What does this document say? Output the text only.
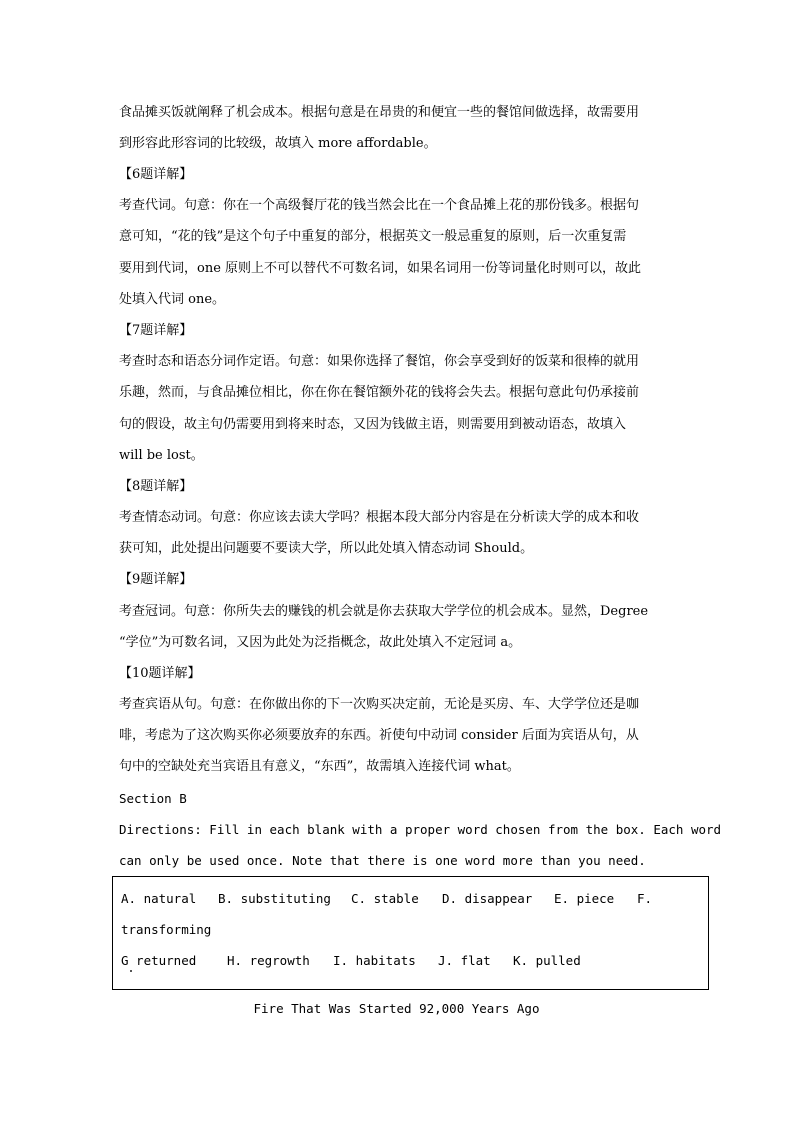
食品摊买饭就阐释了机会成本。根据句意是在昂贵的和便宜一些的餐馆间做选择，故需要用
到形容此形容词的比较级，故填入 more affordable。
【6题详解】
考查代词。句意：你在一个高级餐厅花的钱当然会比在一个食品摊上花的那份钱多。根据句
意可知，“花的钱”是这个句子中重复的部分，根据英文一般忌重复的原则，后一次重复需
要用到代词，one 原则上不可以替代不可数名词，如果名词用一份等词量化时则可以，故此
处填入代词 one。
【7题详解】
考查时态和语态分词作定语。句意：如果你选择了餐馆，你会享受到好的饭菜和很棒的就用
乐趣，然而，与食品摊位相比，你在你在餐馆额外花的钱将会失去。根据句意此句仍承接前
句的假设，故主句仍需要用到将来时态，又因为钱做主语，则需要用到被动语态，故填入
will be lost。
【8题详解】
考查情态动词。句意：你应该去读大学吗？根据本段大部分内容是在分析读大学的成本和收
获可知，此处提出问题要不要读大学，所以此处填入情态动词 Should。
【9题详解】
考查冠词。句意：你所失去的赚钱的机会就是你去获取大学学位的机会成本。显然，Degree
“学位”为可数名词，又因为此处为泛指概念，故此处填入不定冠词 a。
【10题详解】
考查宾语从句。句意：在你做出你的下一次购买决定前，无论是买房、车、大学学位还是咖
啡，考虑为了这次购买你必须要放弃的东西。祈使句中动词 consider 后面为宾语从句，从
句中的空缺处充当宾语且有意义，“东西”，故需填入连接代词 what。
Section B
Directions: Fill in each blank with a proper word chosen from the box. Each word
can only be used once. Note that there is one word more than you need.
A. natural B. substituting C. stable D. disappear E. piece F.
transforming
G returned H. regrowth I. habitats J. flat K. pulled
Fire That Was Started 92,000 Years Ago
